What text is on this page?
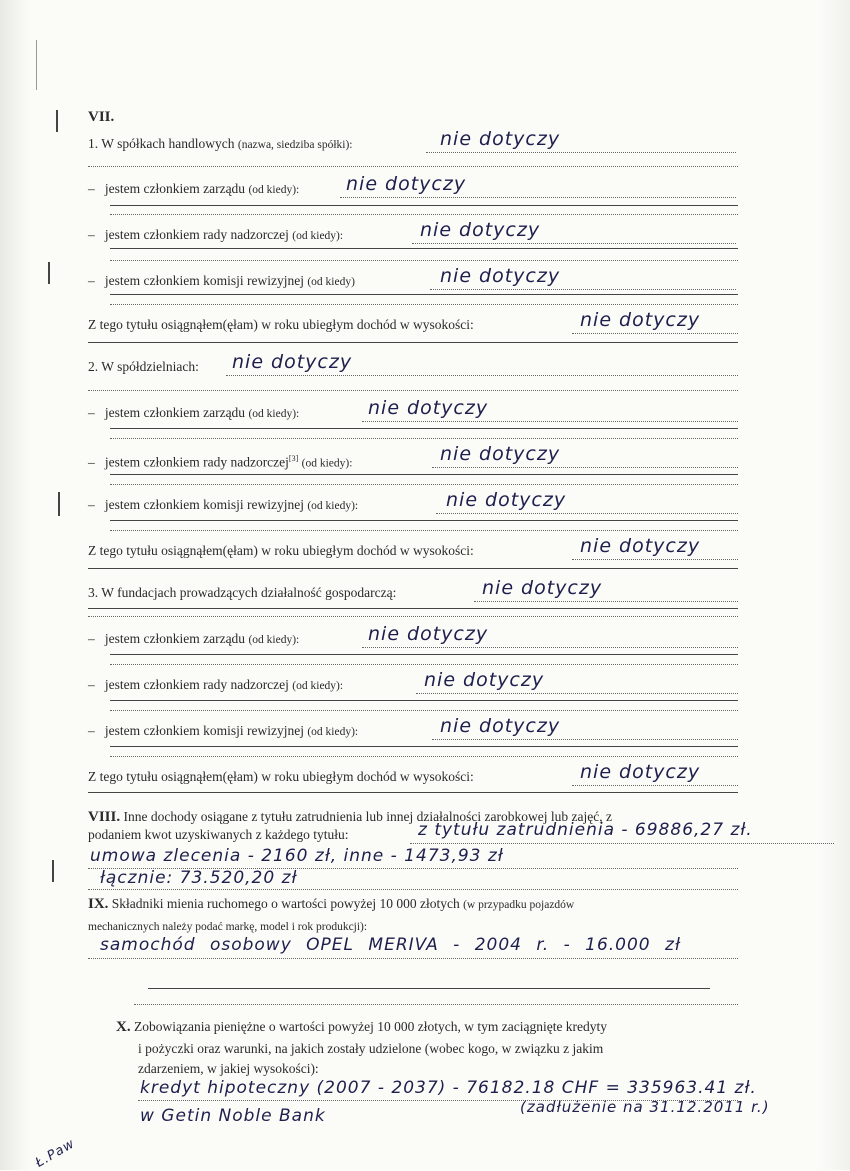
VII.
1. W spółkach handlowych (nazwa, siedziba spółki):	nie dotyczy
– jestem członkiem zarządu (od kiedy): nie dotyczy
– jestem członkiem rady nadzorczej (od kiedy):	nie dotyczy
– jestem członkiem komisji rewizyjnej (od kiedy)	nie dotyczy
Z tego tytułu osiągnąłem(ęłam) w roku ubiegłym dochód w wysokości:	nie dotyczy
2. W spółdzielniach: nie dotyczy
– jestem członkiem zarządu (od kiedy):	nie dotyczy
– jestem członkiem rady nadzorczej[3] (od kiedy):	nie dotyczy
– jestem członkiem komisji rewizyjnej (od kiedy):	nie dotyczy
Z tego tytułu osiągnąłem(ęłam) w roku ubiegłym dochód w wysokości:	nie dotyczy
3. W fundacjach prowadzących działalność gospodarczą:	nie dotyczy
– jestem członkiem zarządu (od kiedy):	nie dotyczy
– jestem członkiem rady nadzorczej (od kiedy):	nie dotyczy
– jestem członkiem komisji rewizyjnej (od kiedy):	nie dotyczy
Z tego tytułu osiągnąłem(ęłam) w roku ubiegłym dochód w wysokości:	nie dotyczy
VIII. Inne dochody osiągane z tytułu zatrudnienia lub innej działalności zarobkowej lub zajęć, z
podaniem kwot uzyskiwanych z każdego tytułu:	z tytułu zatrudnienia - 69886,27 zł.
umowa zlecenia - 2160 zł, inne - 1473,93 zł
łącznie: 73.520,20 zł
IX. Składniki mienia ruchomego o wartości powyżej 10 000 złotych (w przypadku pojazdów
mechanicznych należy podać markę, model i rok produkcji):
samochód osobowy OPEL MERIVA - 2004 r. - 16.000 zł
X. Zobowiązania pieniężne o wartości powyżej 10 000 złotych, w tym zaciągnięte kredyty
i pożyczki oraz warunki, na jakich zostały udzielone (wobec kogo, w związku z jakim
zdarzeniem, w jakiej wysokości):
kredyt hipoteczny (2007 - 2037) - 76182.18 CHF = 335963.41 zł.
w Getin Noble Bank	(zadłużenie na 31.12.2011 r.)
Ł.Paw
